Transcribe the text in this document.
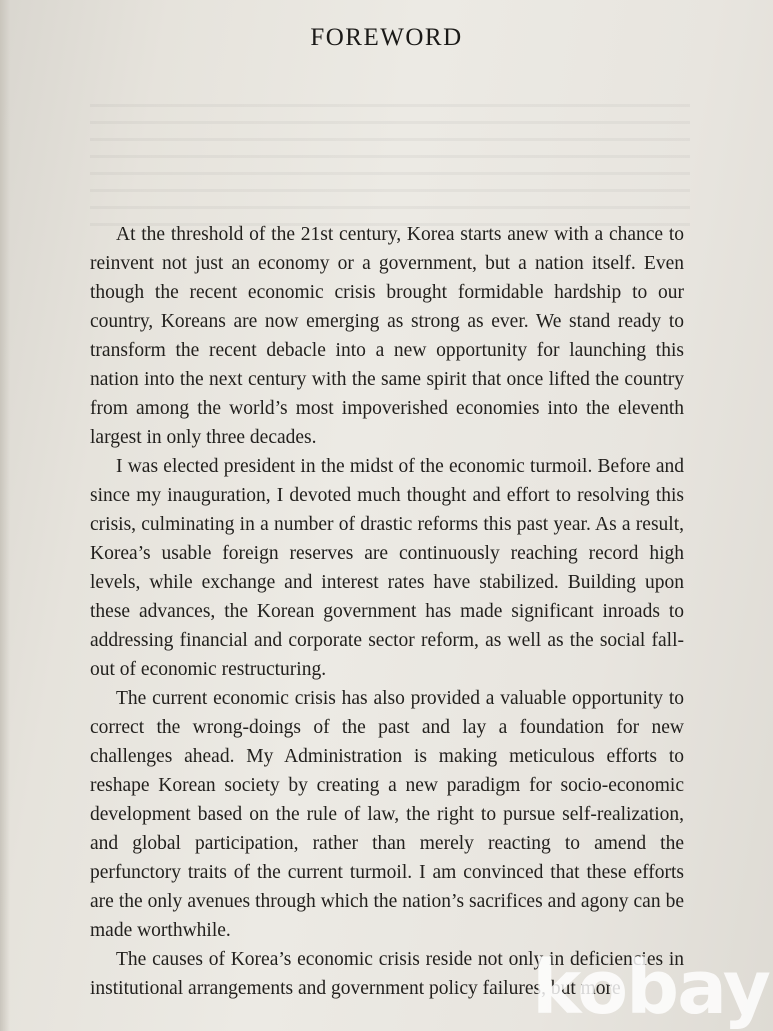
FOREWORD

At the threshold of the 21st century, Korea starts anew with a chance to reinvent not just an economy or a government, but a nation itself. Even though the recent economic crisis brought formidable hardship to our country, Koreans are now emerging as strong as ever. We stand ready to transform the recent debacle into a new opportunity for launching this nation into the next century with the same spirit that once lifted the country from among the world’s most impoverished economies into the eleventh largest in only three decades.

I was elected president in the midst of the economic turmoil. Before and since my inauguration, I devoted much thought and effort to resolving this crisis, culminating in a number of drastic reforms this past year. As a result, Korea’s usable foreign reserves are continuously reaching record high levels, while exchange and interest rates have stabilized. Building upon these advances, the Korean government has made significant inroads to addressing financial and corporate sector reform, as well as the social fall-out of economic restructuring.

The current economic crisis has also provided a valuable opportunity to correct the wrong-doings of the past and lay a foundation for new challenges ahead. My Administration is making meticulous efforts to reshape Korean society by creating a new paradigm for socio-economic development based on the rule of law, the right to pursue self-realization, and global participation, rather than merely reacting to amend the perfunctory traits of the current turmoil. I am convinced that these efforts are the only avenues through which the nation’s sacrifices and agony can be made worthwhile.

The causes of Korea’s economic crisis reside not only in deficiencies in institutional arrangements and government policy failures, but more

kobay
